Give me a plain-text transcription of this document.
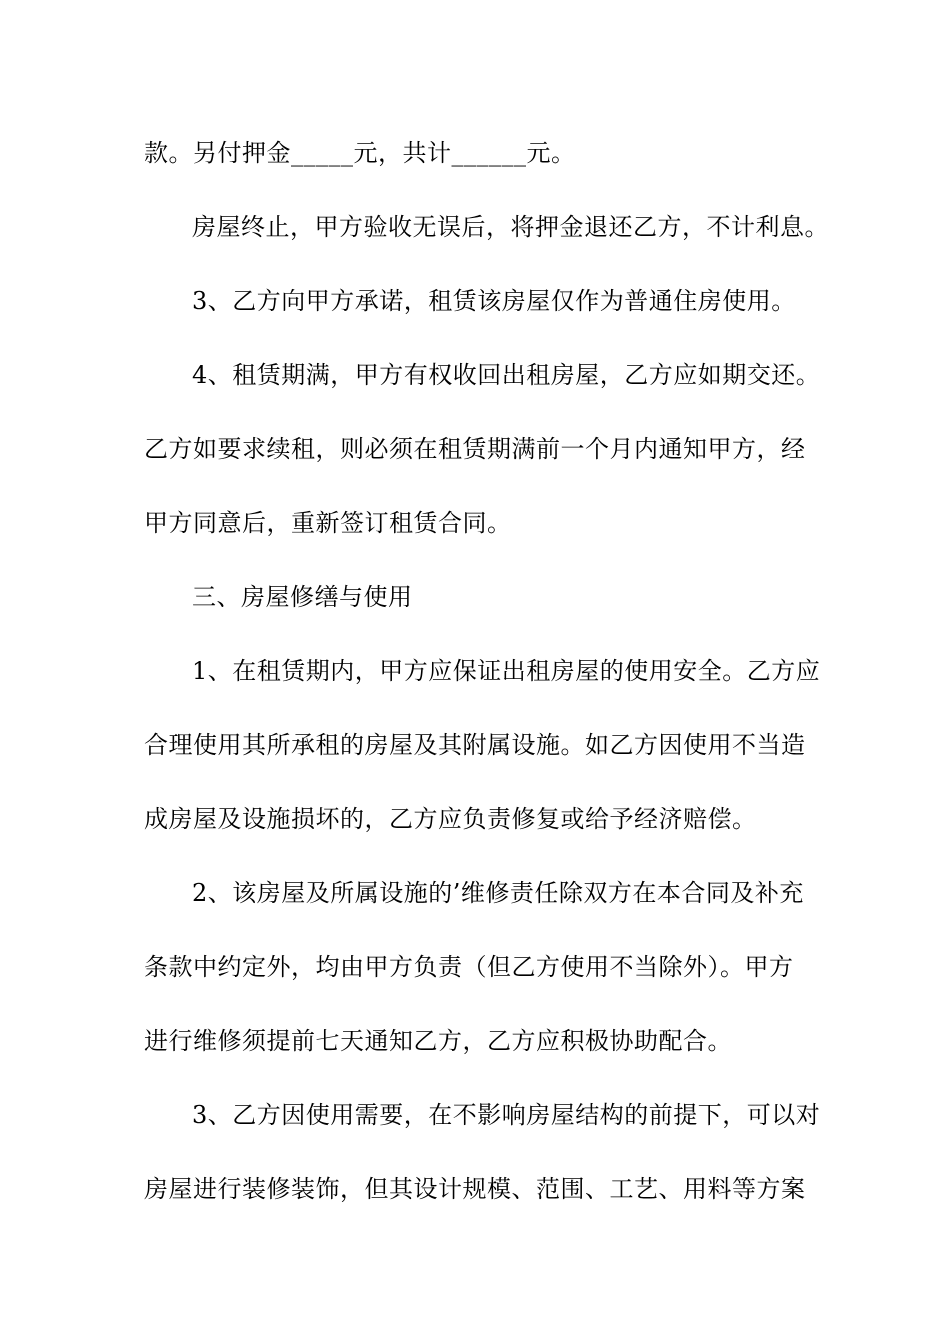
款。另付押金_____元，共计______元。
房屋终止，甲方验收无误后，将押金退还乙方，不计利息。
3、乙方向甲方承诺，租赁该房屋仅作为普通住房使用。
4、租赁期满，甲方有权收回出租房屋，乙方应如期交还。
乙方如要求续租，则必须在租赁期满前一个月内通知甲方，经
甲方同意后，重新签订租赁合同。
三、房屋修缮与使用
1、在租赁期内，甲方应保证出租房屋的使用安全。乙方应
合理使用其所承租的房屋及其附属设施。如乙方因使用不当造
成房屋及设施损坏的，乙方应负责修复或给予经济赔偿。
2、该房屋及所属设施的’维修责任除双方在本合同及补充
条款中约定外，均由甲方负责（但乙方使用不当除外）。甲方
进行维修须提前七天通知乙方，乙方应积极协助配合。
3、乙方因使用需要，在不影响房屋结构的前提下，可以对
房屋进行装修装饰，但其设计规模、范围、工艺、用料等方案
